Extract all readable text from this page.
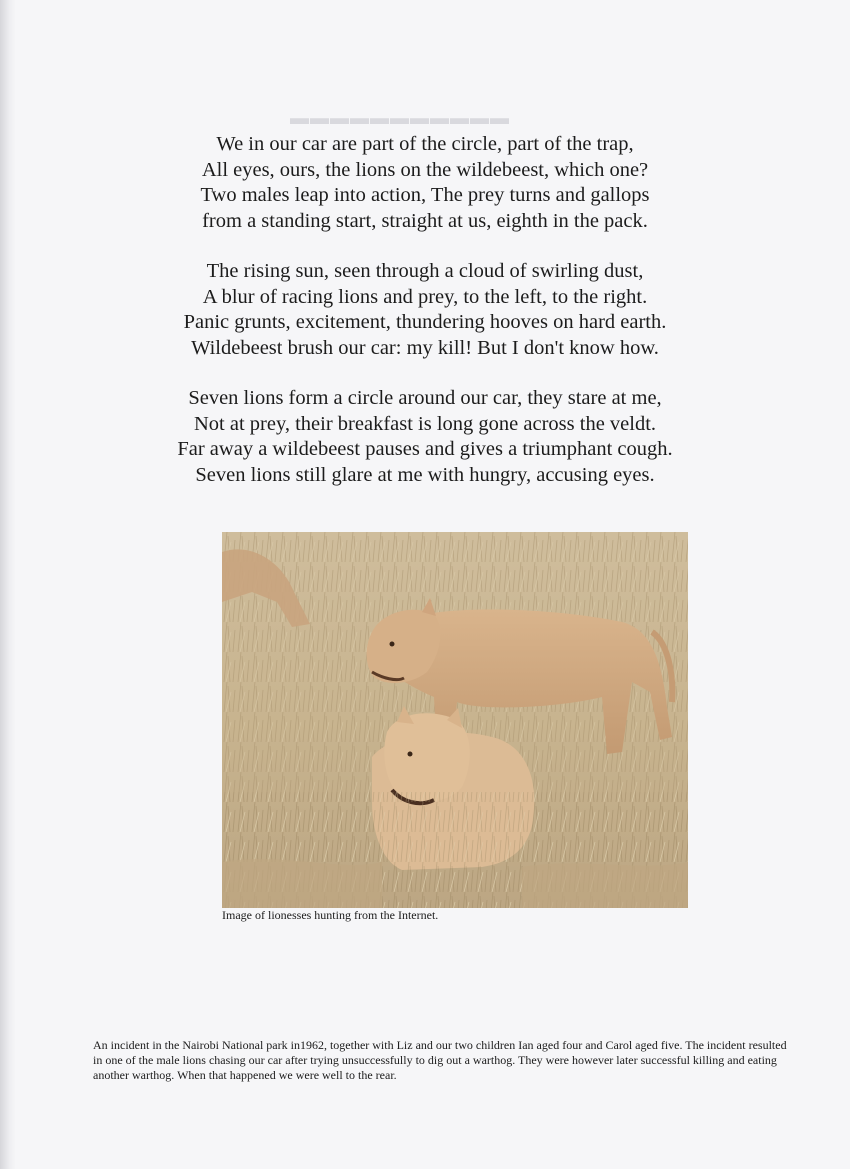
▬▬▬▬▬▬▬▬▬▬▬
We in our car are part of the circle, part of the trap,
All eyes, ours, the lions on the wildebeest, which one?
Two males leap into action, The prey turns and gallops
from a standing start, straight at us, eighth in the pack.
The rising sun, seen through a cloud of swirling dust,
A blur of racing lions and prey, to the left, to the right.
Panic grunts, excitement, thundering hooves on hard earth.
Wildebeest brush our car: my kill! But I don't know how.
Seven lions form a circle around our car, they stare at me,
Not at prey, their breakfast is long gone across the veldt.
Far away a wildebeest pauses and gives a triumphant cough.
Seven lions still glare at me with hungry, accusing eyes.
Image of lionesses hunting from the Internet.
An incident in the Nairobi National park in1962, together with Liz and our two children Ian aged four and Carol aged five. The incident resulted in one of the male lions chasing our car after trying unsuccessfully to dig out a warthog. They were however later successful killing and eating another warthog. When that happened we were well to the rear.
